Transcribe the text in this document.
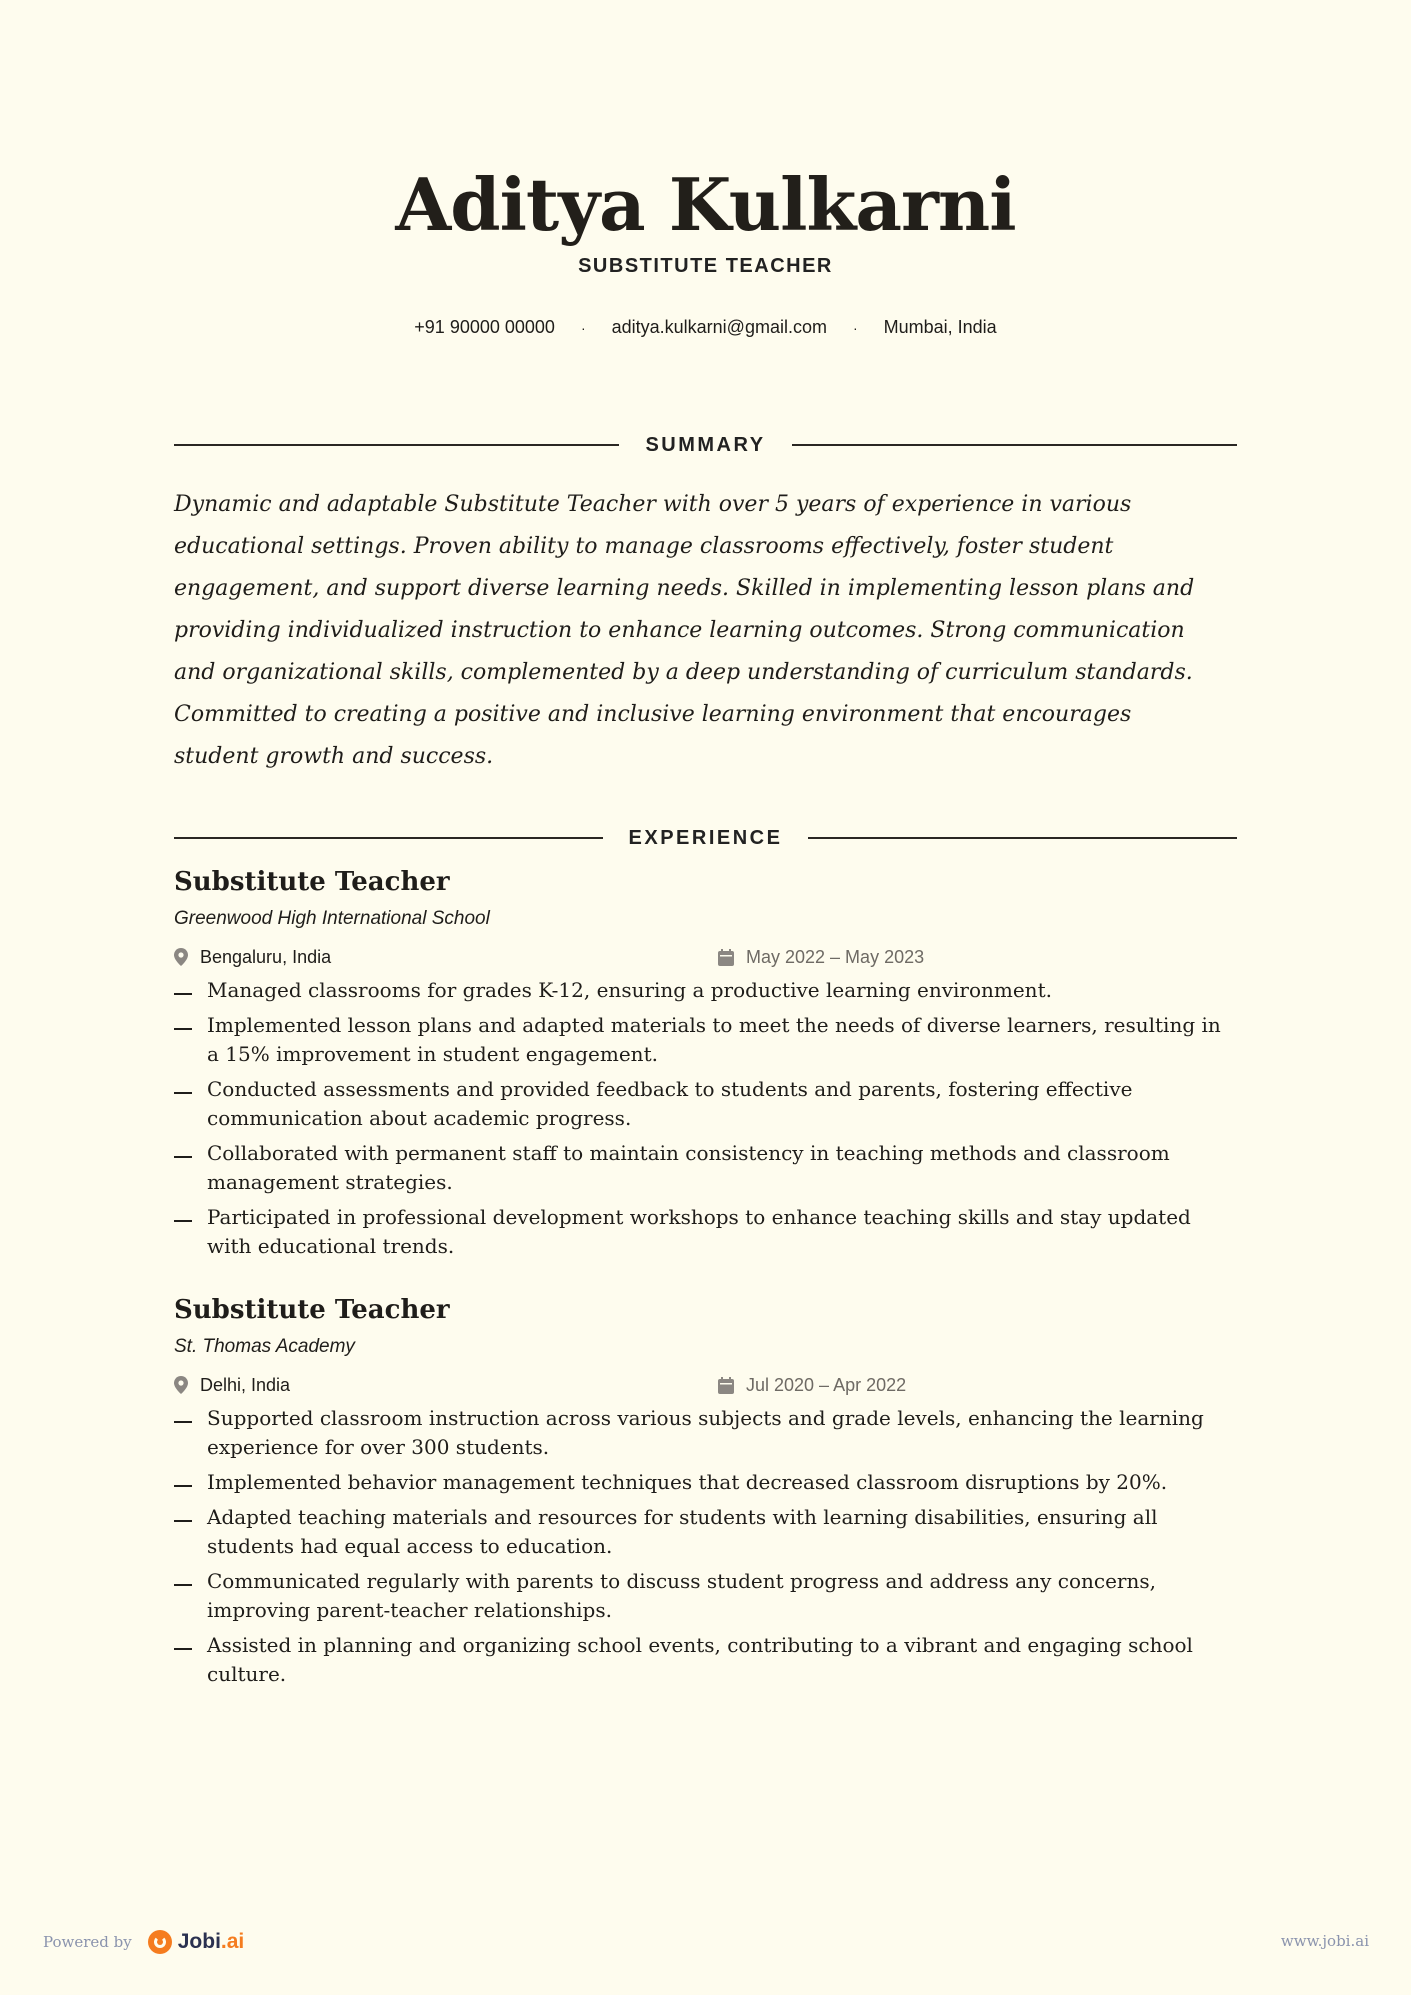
Aditya Kulkarni
SUBSTITUTE TEACHER
+91 90000 00000 · aditya.kulkarni@gmail.com · Mumbai, India
SUMMARY
Dynamic and adaptable Substitute Teacher with over 5 years of experience in various
educational settings. Proven ability to manage classrooms effectively, foster student
engagement, and support diverse learning needs. Skilled in implementing lesson plans and
providing individualized instruction to enhance learning outcomes. Strong communication
and organizational skills, complemented by a deep understanding of curriculum standards.
Committed to creating a positive and inclusive learning environment that encourages
student growth and success.
EXPERIENCE
Substitute Teacher
Greenwood High International School
Bengaluru, India	May 2022 – May 2023
Managed classrooms for grades K-12, ensuring a productive learning environment.
Implemented lesson plans and adapted materials to meet the needs of diverse learners, resulting in
a 15% improvement in student engagement.
Conducted assessments and provided feedback to students and parents, fostering effective
communication about academic progress.
Collaborated with permanent staff to maintain consistency in teaching methods and classroom
management strategies.
Participated in professional development workshops to enhance teaching skills and stay updated
with educational trends.
Substitute Teacher
St. Thomas Academy
Delhi, India	Jul 2020 – Apr 2022
Supported classroom instruction across various subjects and grade levels, enhancing the learning
experience for over 300 students.
Implemented behavior management techniques that decreased classroom disruptions by 20%.
Adapted teaching materials and resources for students with learning disabilities, ensuring all
students had equal access to education.
Communicated regularly with parents to discuss student progress and address any concerns,
improving parent-teacher relationships.
Assisted in planning and organizing school events, contributing to a vibrant and engaging school
culture.
Powered by Jobi .ai	www.jobi.ai
